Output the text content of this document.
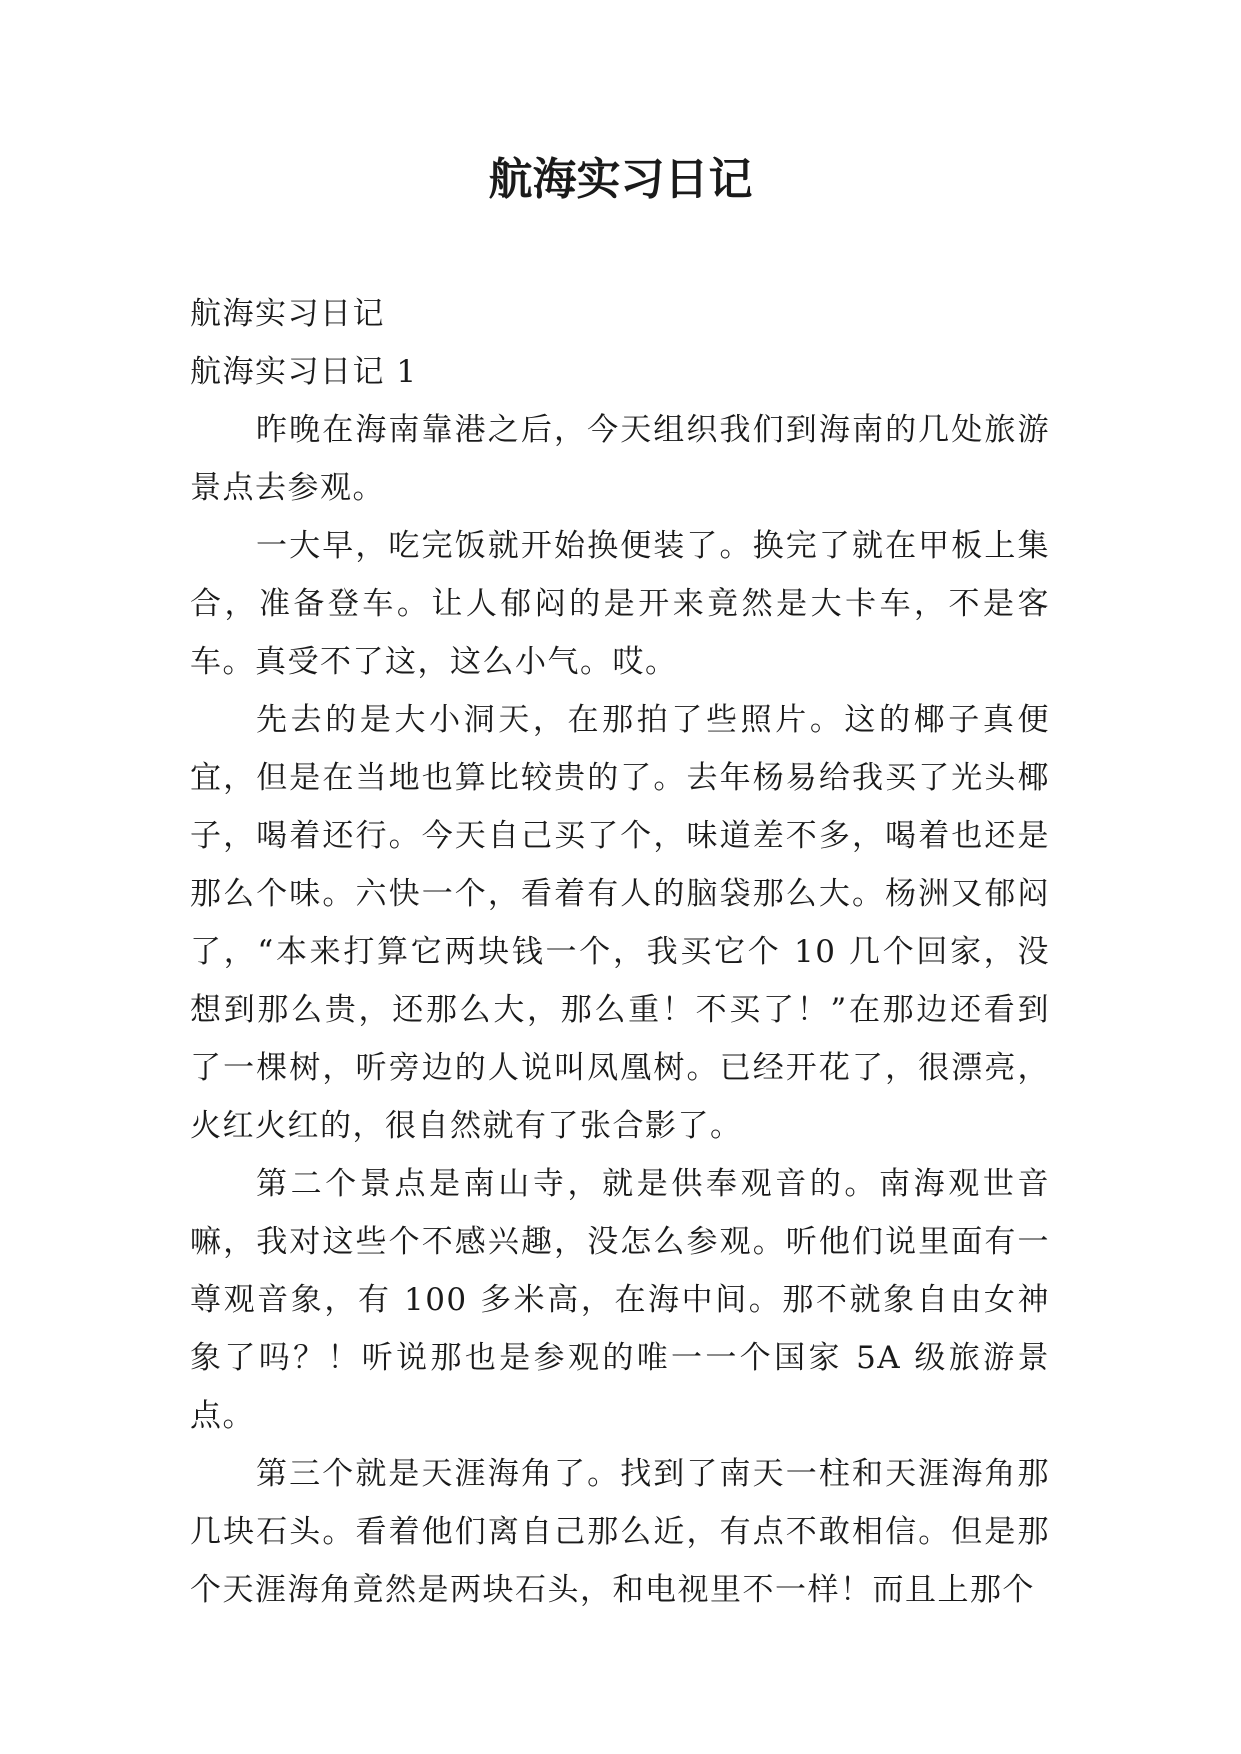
航海实习日记

航海实习日记

航海实习日记 1

昨晚在海南靠港之后，今天组织我们到海南的几处旅游景点去参观。

一大早，吃完饭就开始换便装了。换完了就在甲板上集合，准备登车。让人郁闷的是开来竟然是大卡车，不是客车。真受不了这，这么小气。哎。

先去的是大小洞天，在那拍了些照片。这的椰子真便宜，但是在当地也算比较贵的了。去年杨易给我买了光头椰子，喝着还行。今天自己买了个，味道差不多，喝着也还是那么个味。六快一个，看着有人的脑袋那么大。杨洲又郁闷了，“本来打算它两块钱一个，我买它个 10 几个回家，没想到那么贵，还那么大，那么重！不买了！”在那边还看到了一棵树，听旁边的人说叫凤凰树。已经开花了，很漂亮，火红火红的，很自然就有了张合影了。

第二个景点是南山寺，就是供奉观音的。南海观世音嘛，我对这些个不感兴趣，没怎么参观。听他们说里面有一尊观音象，有 100 多米高，在海中间。那不就象自由女神象了吗？！听说那也是参观的唯一一个国家 5A 级旅游景点。

第三个就是天涯海角了。找到了南天一柱和天涯海角那几块石头。看着他们离自己那么近，有点不敢相信。但是那个天涯海角竟然是两块石头，和电视里不一样！而且上那个
